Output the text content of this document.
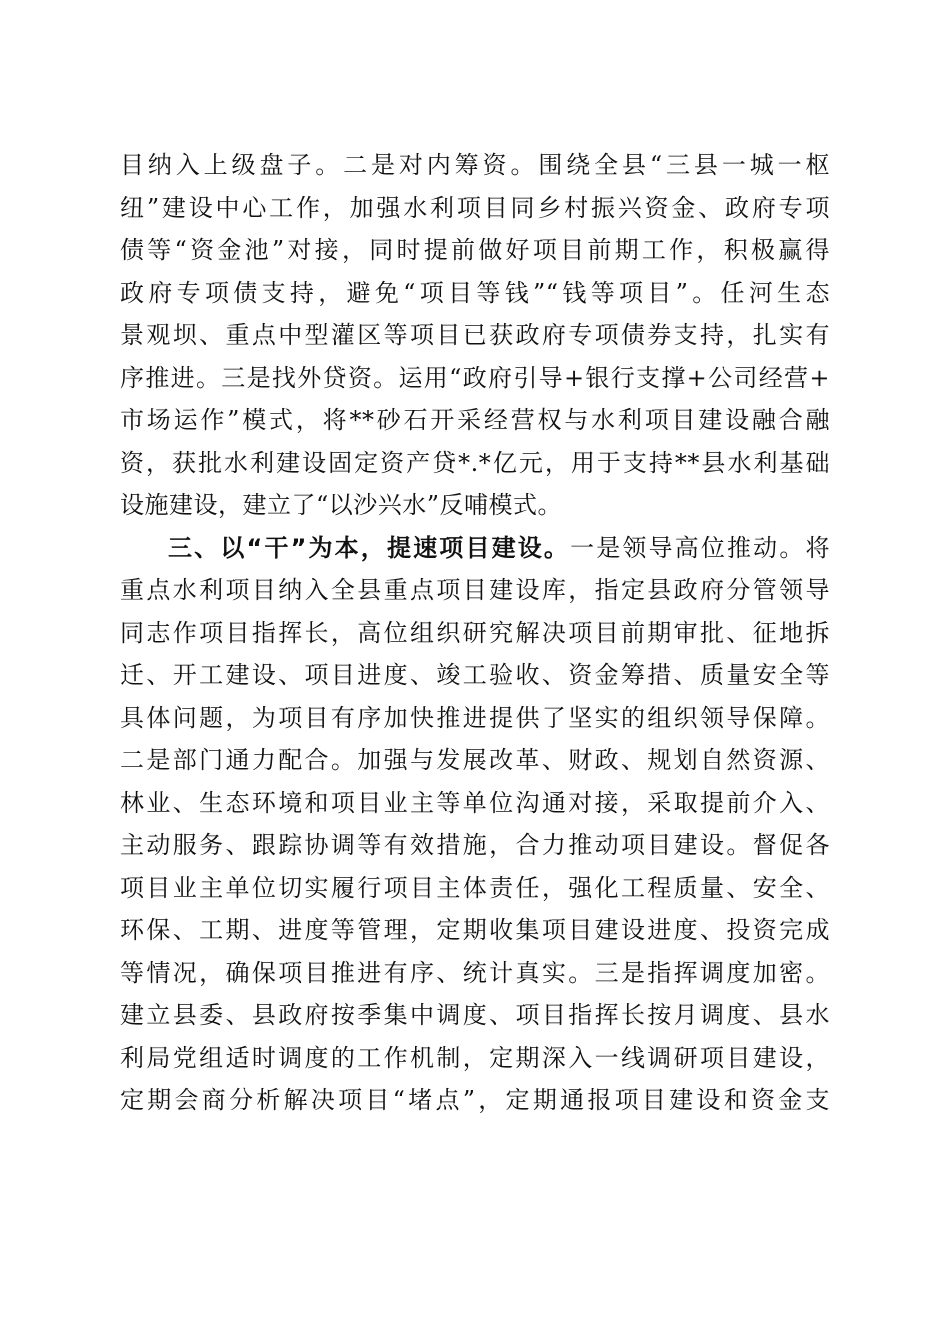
目纳入上级盘子。二是对内筹资。围绕全县“三县一城一枢
纽”建设中心工作，加强水利项目同乡村振兴资金、政府专项
债等“资金池”对接，同时提前做好项目前期工作，积极赢得
政府专项债支持，避免“项目等钱”“钱等项目”。任河生态
景观坝、重点中型灌区等项目已获政府专项债券支持，扎实有
序推进。三是找外贷资。运用“政府引导+银行支撑+公司经营+
市场运作”模式，将**砂石开采经营权与水利项目建设融合融
资，获批水利建设固定资产贷*.*亿元，用于支持**县水利基础
设施建设，建立了“以沙兴水”反哺模式。
三、以“干”为本，提速项目建设。一是领导高位推动。将
重点水利项目纳入全县重点项目建设库，指定县政府分管领导
同志作项目指挥长，高位组织研究解决项目前期审批、征地拆
迁、开工建设、项目进度、竣工验收、资金筹措、质量安全等
具体问题，为项目有序加快推进提供了坚实的组织领导保障。
二是部门通力配合。加强与发展改革、财政、规划自然资源、
林业、生态环境和项目业主等单位沟通对接，采取提前介入、
主动服务、跟踪协调等有效措施，合力推动项目建设。督促各
项目业主单位切实履行项目主体责任，强化工程质量、安全、
环保、工期、进度等管理，定期收集项目建设进度、投资完成
等情况，确保项目推进有序、统计真实。三是指挥调度加密。
建立县委、县政府按季集中调度、项目指挥长按月调度、县水
利局党组适时调度的工作机制，定期深入一线调研项目建设，
定期会商分析解决项目“堵点”，定期通报项目建设和资金支
